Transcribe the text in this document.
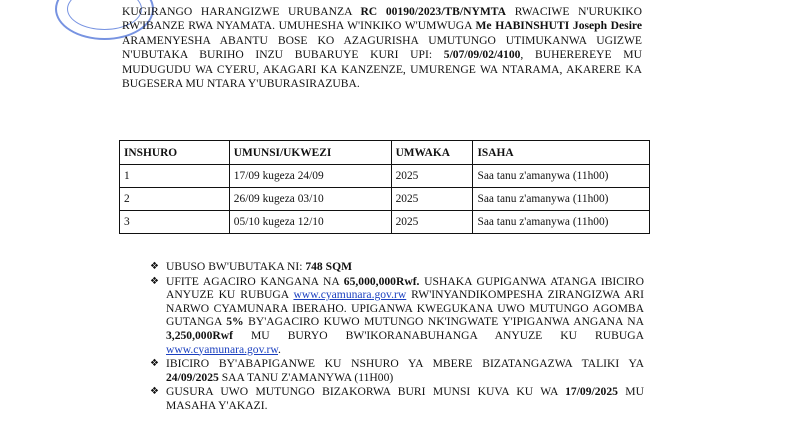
KUGIRANGO HARANGIZWE URUBANZA RC 00190/2023/TB/NYMTA RWACIWE N'URUKIKO RW'IBANZE RWA NYAMATA. UMUHESHA W'INKIKO W'UMWUGA Me HABINSHUTI Joseph Desire ARAMENYESHA ABANTU BOSE KO AZAGURISHA UMUTUNGO UTIMUKANWA UGIZWE N'UBUTAKA BURIHO INZU BUBARUYE KURI UPI: 5/07/09/02/4100, BUHEREREYE MU MUDUGUDU WA CYERU, AKAGARI KA KANZENZE, UMURENGE WA NTARAMA, AKARERE KA BUGESERA MU NTARA Y'UBURASIRAZUBA.

INSHURO	UMUNSI/UKWEZI	UMWAKA	ISAHA
1	17/09 kugeza 24/09	2025	Saa tanu z'amanywa (11h00)
2	26/09 kugeza 03/10	2025	Saa tanu z'amanywa (11h00)
3	05/10 kugeza 12/10	2025	Saa tanu z'amanywa (11h00)
❖ UBUSO BW'UBUTAKA NI: 748 SQM
❖ UFITE AGACIRO KANGANA NA 65,000,000Rwf. USHAKA GUPIGANWA ATANGA IBICIRO ANYUZE KU RUBUGA www.cyamunara.gov.rw RW'INYANDIKOMPESHA ZIRANGIZWA ARI NARWO CYAMUNARA IBERAHO. UPIGANWA KWEGUKANA UWO MUTUNGO AGOMBA GUTANGA 5% BY'AGACIRO KUWO MUTUNGO NK'INGWATE Y'IPIGANWA ANGANA NA 3,250,000Rwf MU BURYO BW'IKORANABUHANGA ANYUZE KU RUBUGA www.cyamunara.gov.rw.
❖ IBICIRO BY'ABAPIGANWE KU NSHURO YA MBERE BIZATANGAZWA TALIKI YA 24/09/2025 SAA TANU Z'AMANYWA (11H00)
❖ GUSURA UWO MUTUNGO BIZAKORWA BURI MUNSI KUVA KU WA 17/09/2025 MU MASAHA Y'AKAZI.
